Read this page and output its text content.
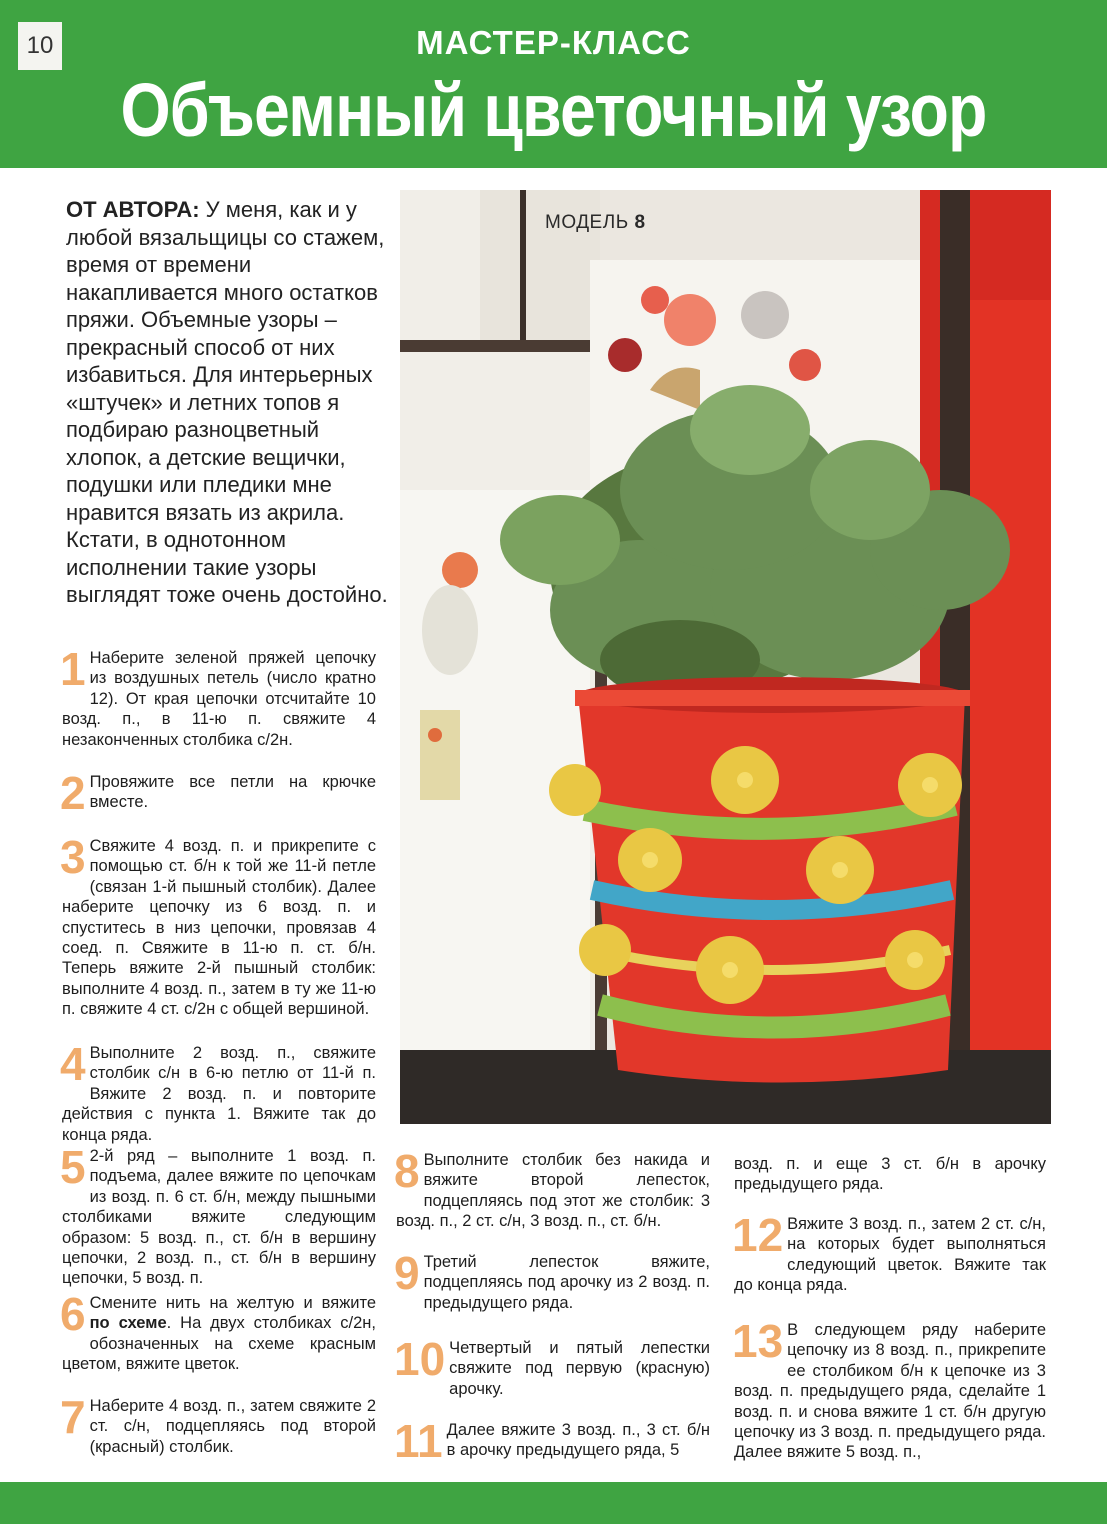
10	МАСТЕР-КЛАСС
Объемный цветочный узор
ОТ АВТОРА: У меня, как и у любой вязальщицы со стажем, время от времени накапливается много остатков пряжи. Объемные узоры – прекрасный способ от них избавиться. Для интерьерных «штучек» и летних топов я подбираю разноцветный хлопок, а детские вещички, подушки или пледики мне нравится вязать из акрила. Кстати, в однотонном исполнении такие узоры выглядят тоже очень достойно.
МОДЕЛЬ 8
1 Наберите зеленой пряжей цепочку из воздушных петель (число кратно 12). От края цепочки отсчитайте 10 возд. п., в 11-ю п. свяжите 4 незаконченных столбика с/2н.
2 Провяжите все петли на крючке вместе.
3 Свяжите 4 возд. п. и прикрепите с помощью ст. б/н к той же 11-й петле (связан 1-й пышный столбик). Далее наберите цепочку из 6 возд. п. и спуститесь в низ цепочки, провязав 4 соед. п. Свяжите в 11-ю п. ст. б/н. Теперь вяжите 2-й пышный столбик: выполните 4 возд. п., затем в ту же 11-ю п. свяжите 4 ст. с/2н с общей вершиной.
4 Выполните 2 возд. п., свяжите столбик с/н в 6-ю петлю от 11-й п. Вяжите 2 возд. п. и повторите действия с пункта 1. Вяжите так до конца ряда.
5 2-й ряд – выполните 1 возд. п. подъема, далее вяжите по цепочкам из возд. п. 6 ст. б/н, между пышными столбиками вяжите следующим образом: 5 возд. п., ст. б/н в вершину цепочки, 2 возд. п., ст. б/н в вершину цепочки, 5 возд. п.
6 Смените нить на желтую и вяжите по схеме. На двух столбиках с/2н, обозначенных на схеме красным цветом, вяжите цветок.
7 Наберите 4 возд. п., затем свяжите 2 ст. с/н, подцепляясь под второй (красный) столбик.
8 Выполните столбик без накида и вяжите второй лепесток, подцепляясь под этот же столбик: 3 возд. п., 2 ст. с/н, 3 возд. п., ст. б/н.
9 Третий лепесток вяжите, подцепляясь под арочку из 2 возд. п. предыдущего ряда.
10 Четвертый и пятый лепестки свяжите под первую (красную) арочку.
11 Далее вяжите 3 возд. п., 3 ст. б/н в арочку предыдущего ряда, 5
возд. п. и еще 3 ст. б/н в арочку предыдущего ряда.
12 Вяжите 3 возд. п., затем 2 ст. с/н, на которых будет выполняться следующий цветок. Вяжите так до конца ряда.
13 В следующем ряду наберите цепочку из 8 возд. п., прикрепите ее столбиком б/н к цепочке из 3 возд. п. предыдущего ряда, сделайте 1 возд. п. и снова вяжите 1 ст. б/н другую цепочку из 3 возд. п. предыдущего ряда. Далее вяжите 5 возд. п.,
